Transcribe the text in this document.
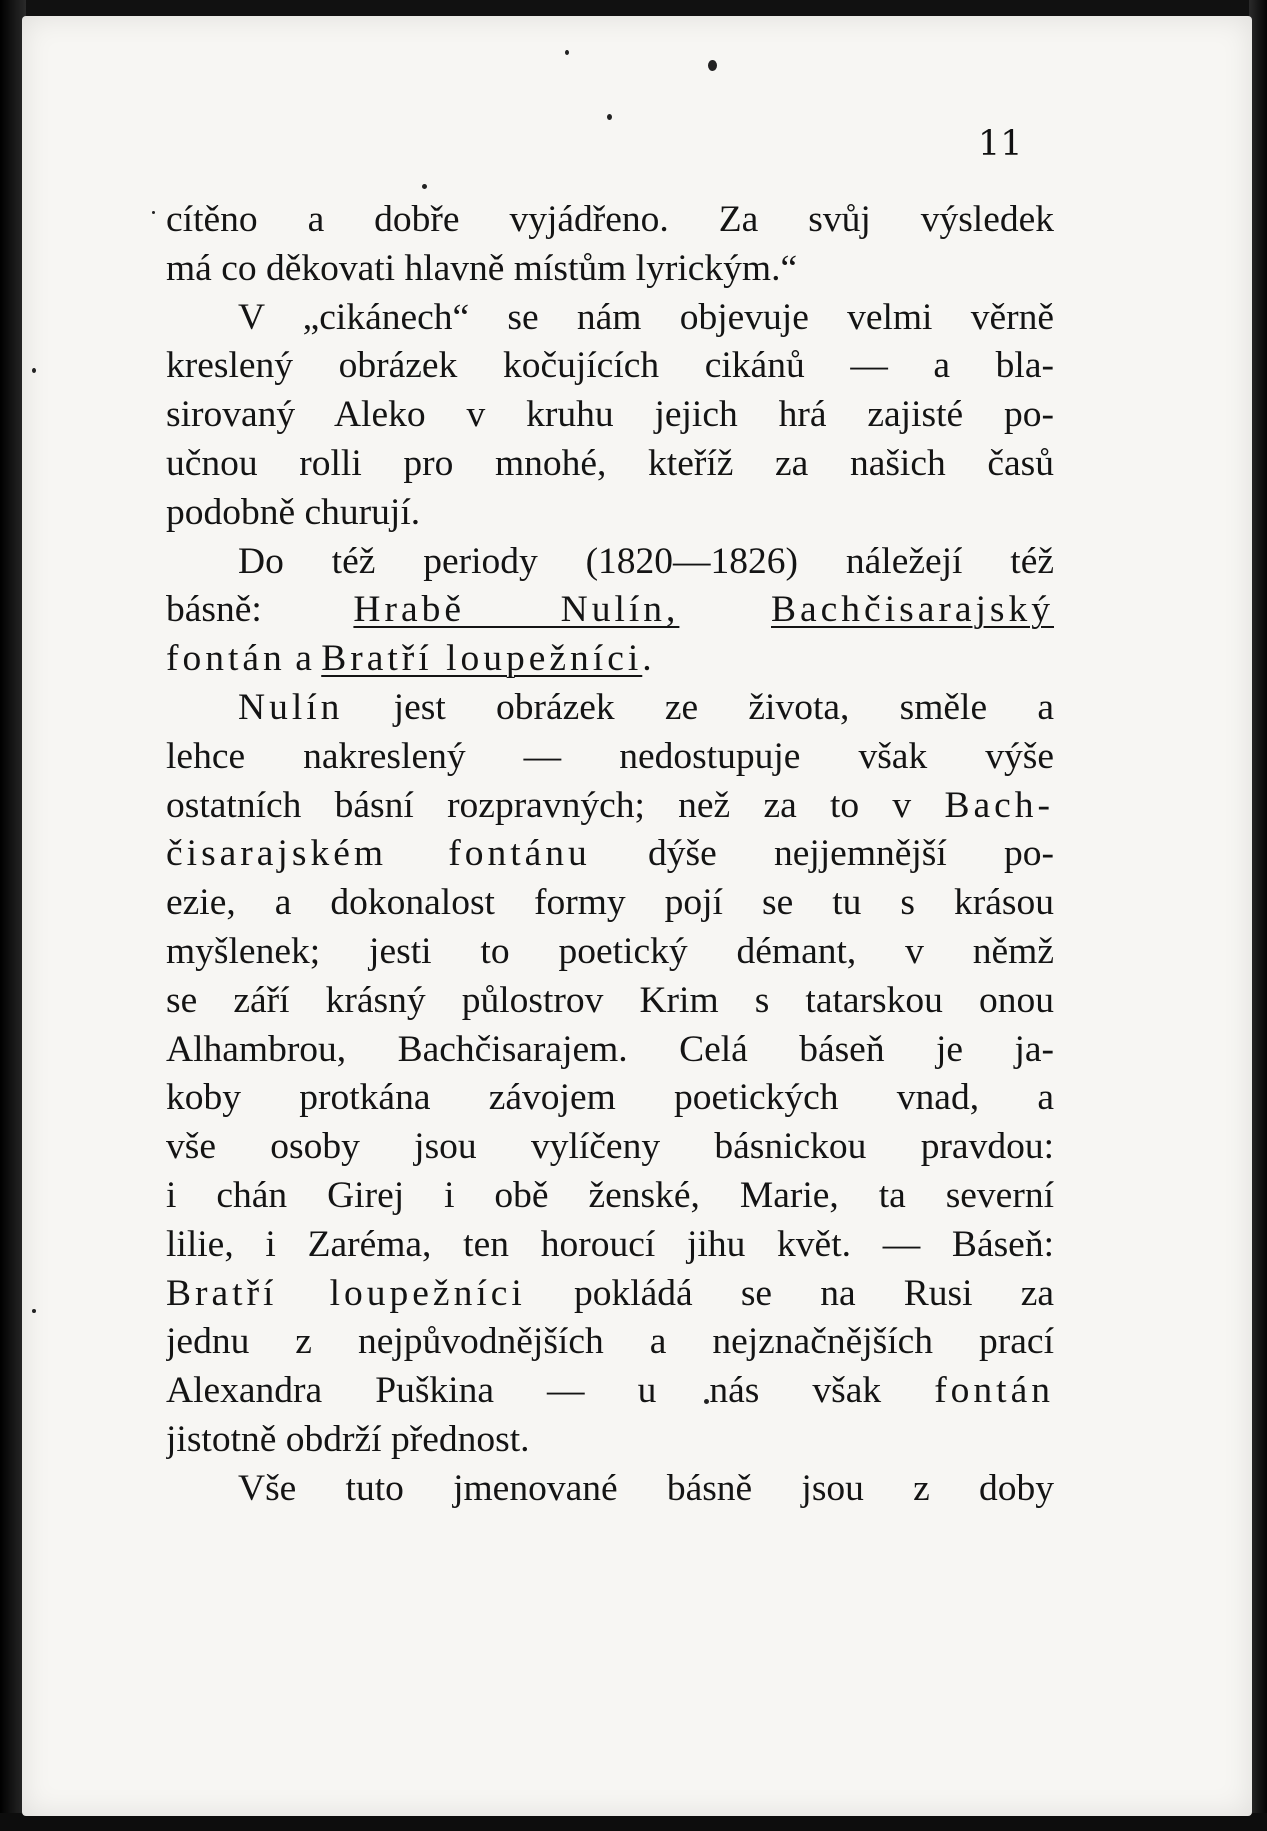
11
cítěno a dobře vyjádřeno. Za svůj výsledek
má co děkovati hlavně místům lyrickým.“
V „cikánech“ se nám objevuje velmi věrně
kreslený obrázek kočujících cikánů — a bla-
sirovaný Aleko v kruhu jejich hrá zajisté po-
učnou rolli pro mnohé, kteříž za našich časů
podobně churují.
Do též periody (1820—1826) náležejí též
básně: Hrabě Nulín, Bachčisarajský
fontán a Bratří loupežníci.
Nulín jest obrázek ze života, směle a
lehce nakreslený — nedostupuje však výše
ostatních básní rozpravných; než za to v Bach-
čisarajském fontánu dýše nejjemnější po-
ezie, a dokonalost formy pojí se tu s krásou
myšlenek; jesti to poetický démant, v němž
se září krásný půlostrov Krim s tatarskou onou
Alhambrou, Bachčisarajem. Celá báseň je ja-
koby protkána závojem poetických vnad, a
vše osoby jsou vylíčeny básnickou pravdou:
i chán Girej i obě ženské, Marie, ta severní
lilie, i Zaréma, ten horoucí jihu květ. — Báseň:
Bratří loupežníci pokládá se na Rusi za
jednu z nejpůvodnějších a nejznačnějších prací
Alexandra Puškina — u nás však fontán
jistotně obdrží přednost.
Vše tuto jmenované básně jsou z doby
